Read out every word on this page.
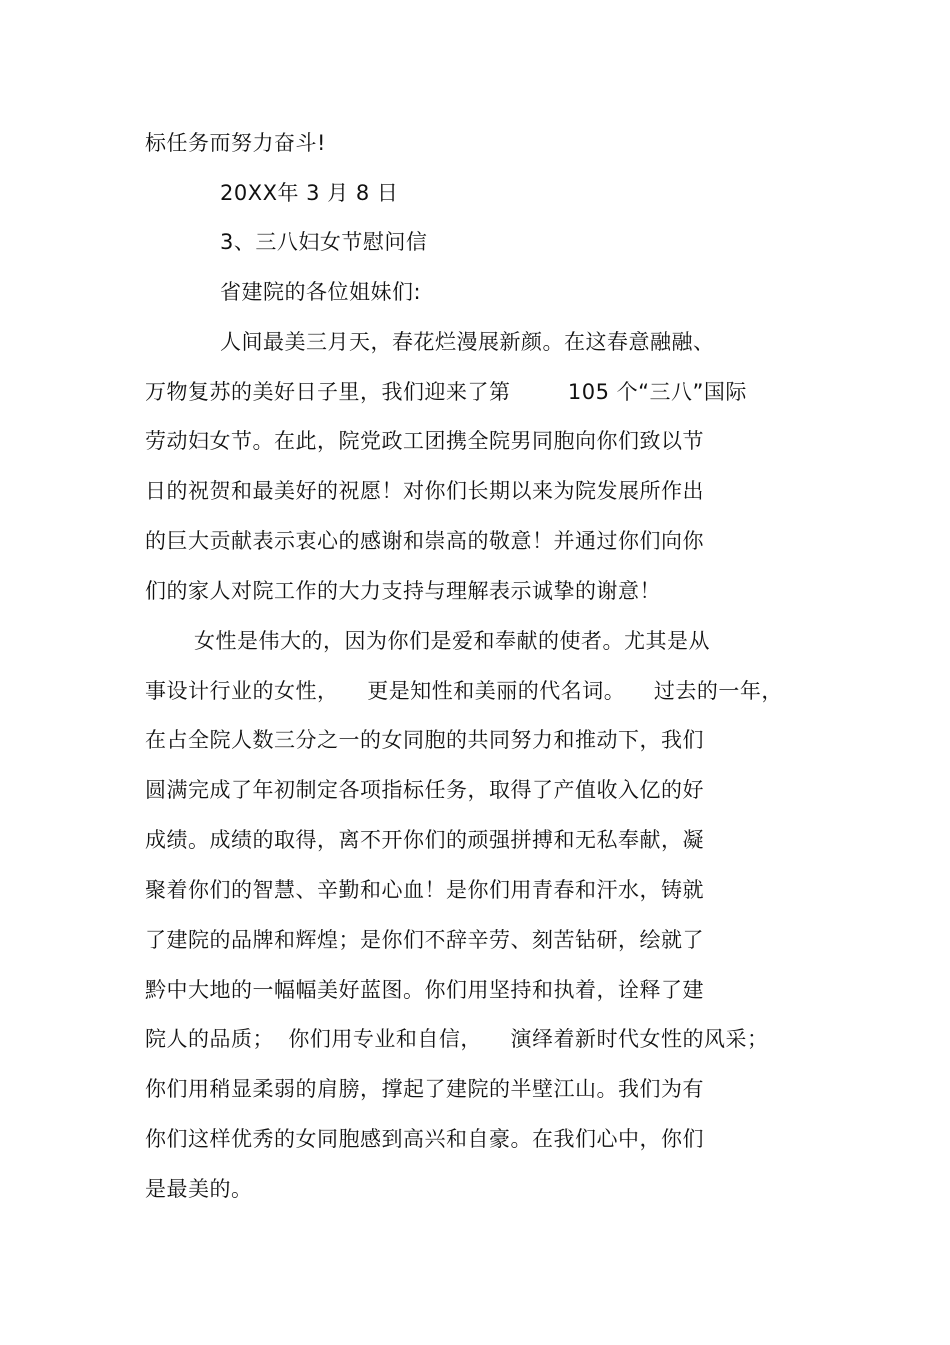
标任务而努力奋斗!
20XX年 3 月 8 日
3、三八妇女节慰问信
省建院的各位姐妹们:
人间最美三月天，春花烂漫展新颜。在这春意融融、
万物复苏的美好日子里，我们迎来了第        105 个“三八”国际
劳动妇女节。在此，院党政工团携全院男同胞向你们致以节
日的祝贺和最美好的祝愿！对你们长期以来为院发展所作出
的巨大贡献表示衷心的感谢和崇高的敬意！并通过你们向你
们的家人对院工作的大力支持与理解表示诚挚的谢意！
女性是伟大的，因为你们是爱和奉献的使者。尤其是从
事设计行业的女性，    更是知性和美丽的代名词。    过去的一年，
在占全院人数三分之一的女同胞的共同努力和推动下，我们
圆满完成了年初制定各项指标任务，取得了产值收入亿的好
成绩。成绩的取得，离不开你们的顽强拼搏和无私奉献，凝
聚着你们的智慧、辛勤和心血！是你们用青春和汗水，铸就
了建院的品牌和辉煌；是你们不辞辛劳、刻苦钻研，绘就了
黔中大地的一幅幅美好蓝图。你们用坚持和执着，诠释了建
院人的品质；  你们用专业和自信，    演绎着新时代女性的风采；
你们用稍显柔弱的肩膀，撑起了建院的半壁江山。我们为有
你们这样优秀的女同胞感到高兴和自豪。在我们心中，你们
是最美的。
